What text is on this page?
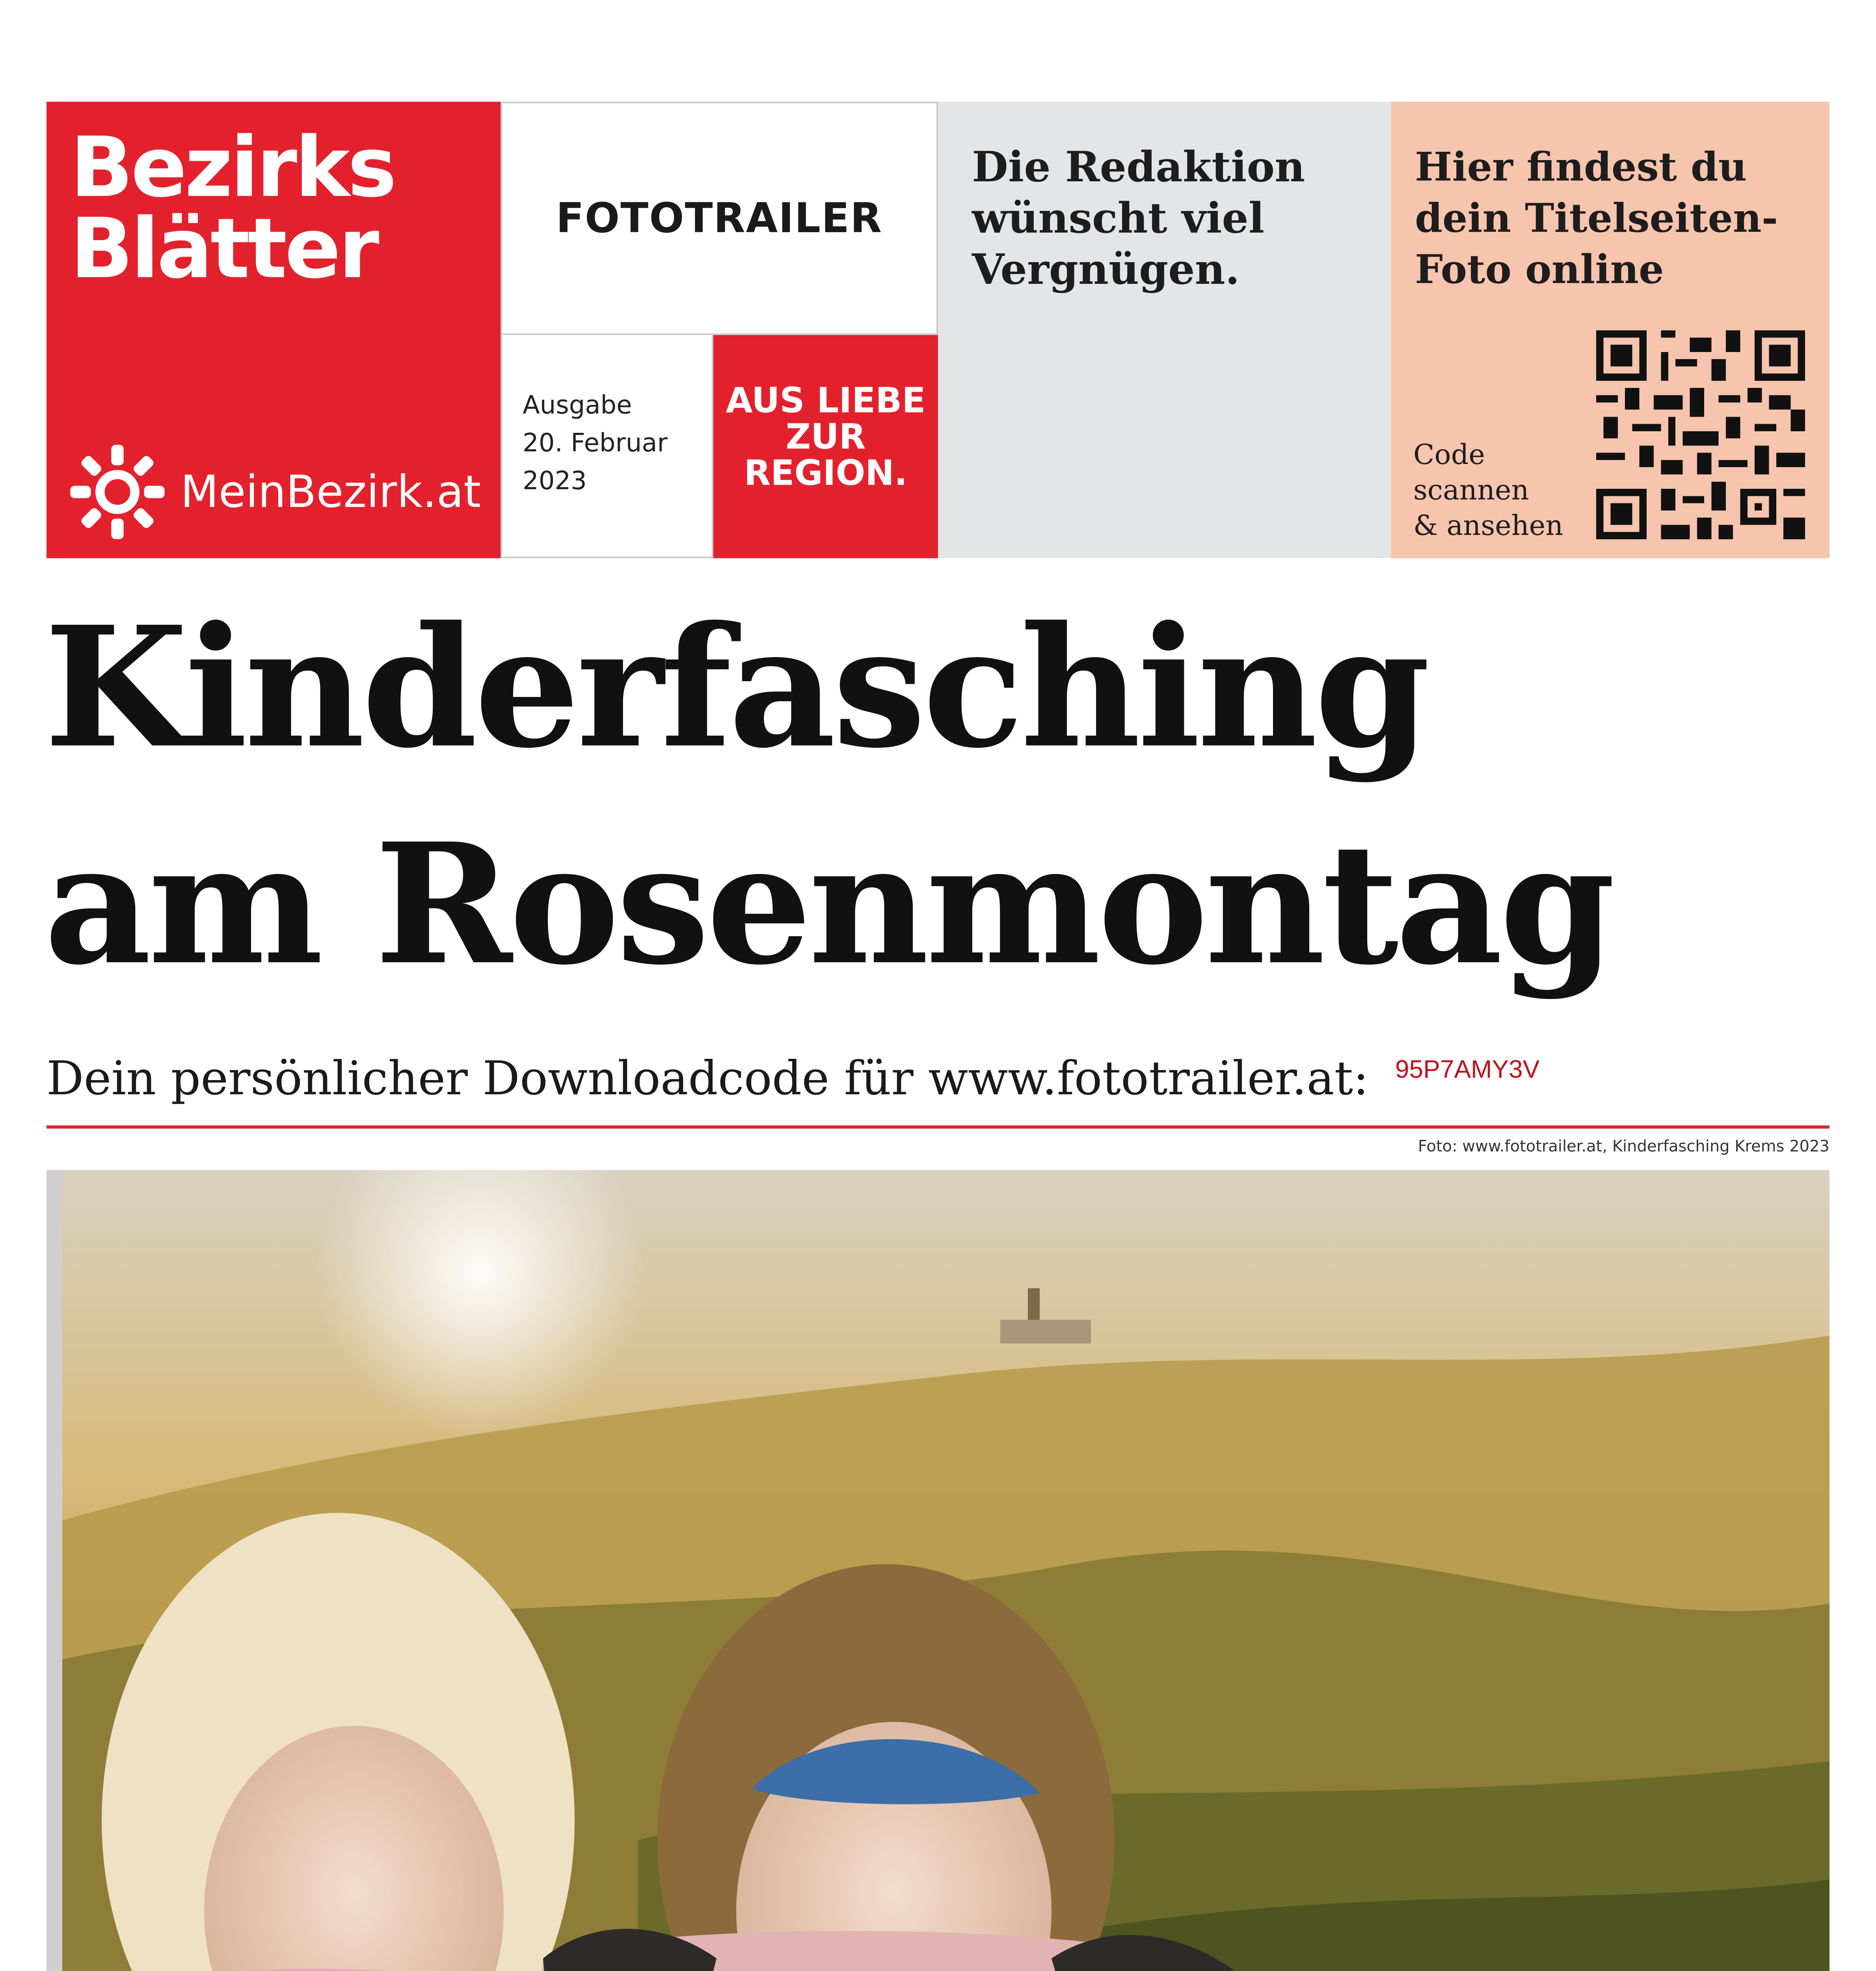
Bezirks
Blätter
MeinBezirk.at
FOTOTRAILER
Ausgabe
20. Februar
2023
AUS LIEBE
ZUR
REGION.
Die Redaktion
wünscht viel
Vergnügen.
Hier findest du
dein Titelseiten-
Foto online
Code
scannen
& ansehen
Kinderfasching
am Rosenmontag
Dein persönlicher Downloadcode für www.fototrailer.at: 95P7AMY3V
Foto: www.fototrailer.at, Kinderfasching Krems 2023
